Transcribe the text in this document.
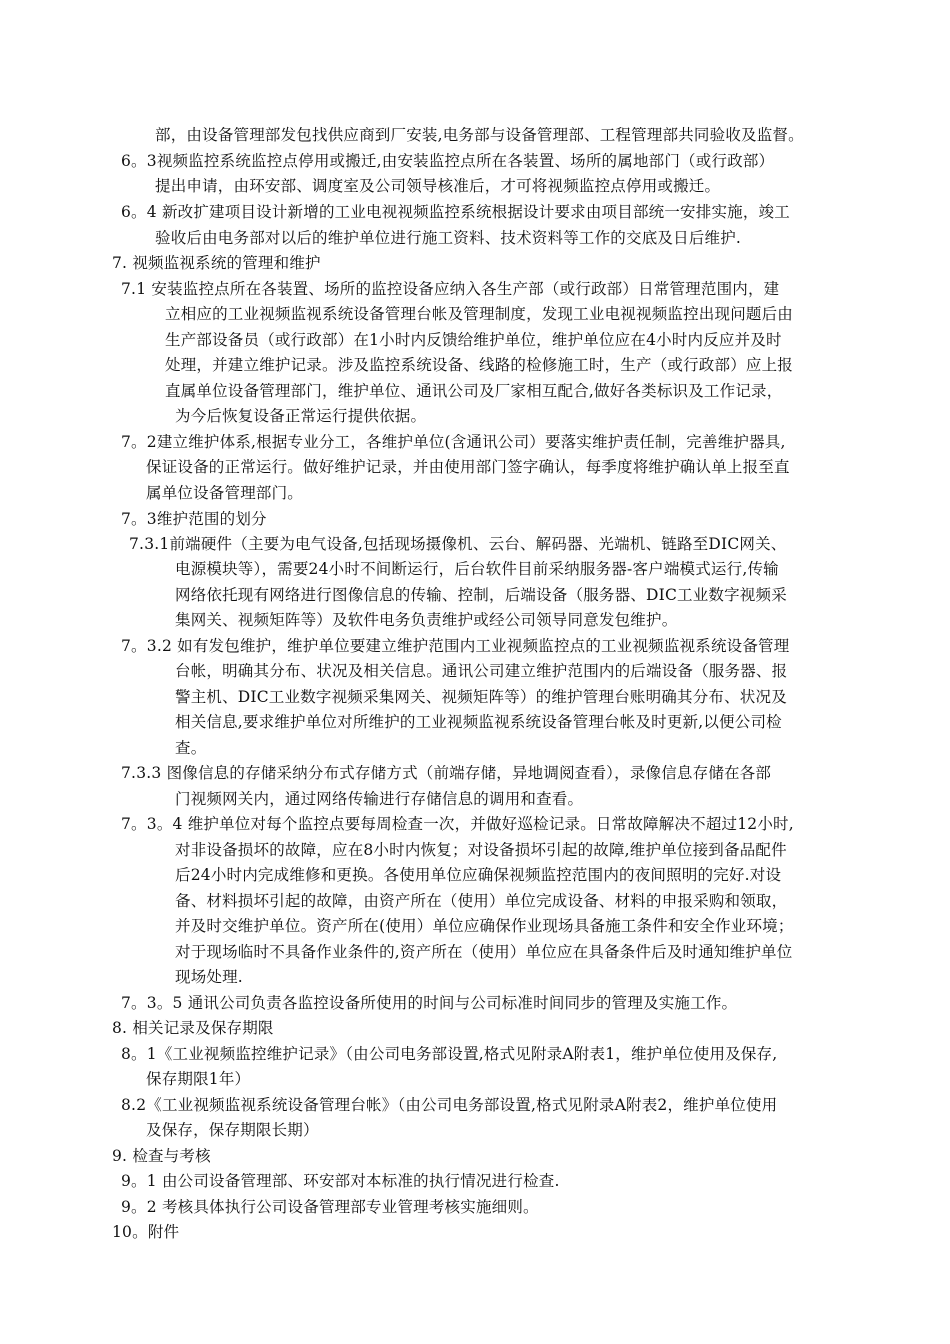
部，由设备管理部发包找供应商到厂安装,电务部与设备管理部、工程管理部共同验收及监督。
6。3视频监控系统监控点停用或搬迁,由安装监控点所在各装置、场所的属地部门（或行政部）
提出申请，由环安部、调度室及公司领导核准后，才可将视频监控点停用或搬迁。
6。4 新改扩建项目设计新增的工业电视视频监控系统根据设计要求由项目部统一安排实施，竣工
验收后由电务部对以后的维护单位进行施工资料、技术资料等工作的交底及日后维护.
7. 视频监视系统的管理和维护
7.1 安装监控点所在各装置、场所的监控设备应纳入各生产部（或行政部）日常管理范围内，建
立相应的工业视频监视系统设备管理台帐及管理制度，发现工业电视视频监控出现问题后由
生产部设备员（或行政部）在1小时内反馈给维护单位，维护单位应在4小时内反应并及时
处理，并建立维护记录。涉及监控系统设备、线路的检修施工时，生产（或行政部）应上报
直属单位设备管理部门，维护单位、通讯公司及厂家相互配合,做好各类标识及工作记录，
为今后恢复设备正常运行提供依据。
7。2建立维护体系,根据专业分工，各维护单位(含通讯公司）要落实维护责任制，完善维护器具,
保证设备的正常运行。做好维护记录，并由使用部门签字确认，每季度将维护确认单上报至直
属单位设备管理部门。
7。3维护范围的划分
7.3.1前端硬件（主要为电气设备,包括现场摄像机、云台、解码器、光端机、链路至DIC网关、
电源模块等），需要24小时不间断运行，后台软件目前采纳服务器-客户端模式运行,传输
网络依托现有网络进行图像信息的传输、控制，后端设备（服务器、DIC工业数字视频采
集网关、视频矩阵等）及软件电务负责维护或经公司领导同意发包维护。
7。3.2 如有发包维护，维护单位要建立维护范围内工业视频监控点的工业视频监视系统设备管理
台帐，明确其分布、状况及相关信息。通讯公司建立维护范围内的后端设备（服务器、报
警主机、DIC工业数字视频采集网关、视频矩阵等）的维护管理台账明确其分布、状况及
相关信息,要求维护单位对所维护的工业视频监视系统设备管理台帐及时更新,以便公司检
查。
7.3.3 图像信息的存储采纳分布式存储方式（前端存储，异地调阅查看），录像信息存储在各部
门视频网关内，通过网络传输进行存储信息的调用和查看。
7。3。4 维护单位对每个监控点要每周检查一次，并做好巡检记录。日常故障解决不超过12小时,
对非设备损坏的故障，应在8小时内恢复；对设备损坏引起的故障,维护单位接到备品配件
后24小时内完成维修和更换。各使用单位应确保视频监控范围内的夜间照明的完好.对设
备、材料损坏引起的故障，由资产所在（使用）单位完成设备、材料的申报采购和领取，
并及时交维护单位。资产所在(使用）单位应确保作业现场具备施工条件和安全作业环境；
对于现场临时不具备作业条件的,资产所在（使用）单位应在具备条件后及时通知维护单位
现场处理.
7。3。5 通讯公司负责各监控设备所使用的时间与公司标准时间同步的管理及实施工作。
8. 相关记录及保存期限
8。1《工业视频监控维护记录》（由公司电务部设置,格式见附录A附表1，维护单位使用及保存,
保存期限1年）
8.2《工业视频监视系统设备管理台帐》（由公司电务部设置,格式见附录A附表2，维护单位使用
及保存，保存期限长期）
9. 检查与考核
9。1 由公司设备管理部、环安部对本标准的执行情况进行检查.
9。2 考核具体执行公司设备管理部专业管理考核实施细则。
10。附件
